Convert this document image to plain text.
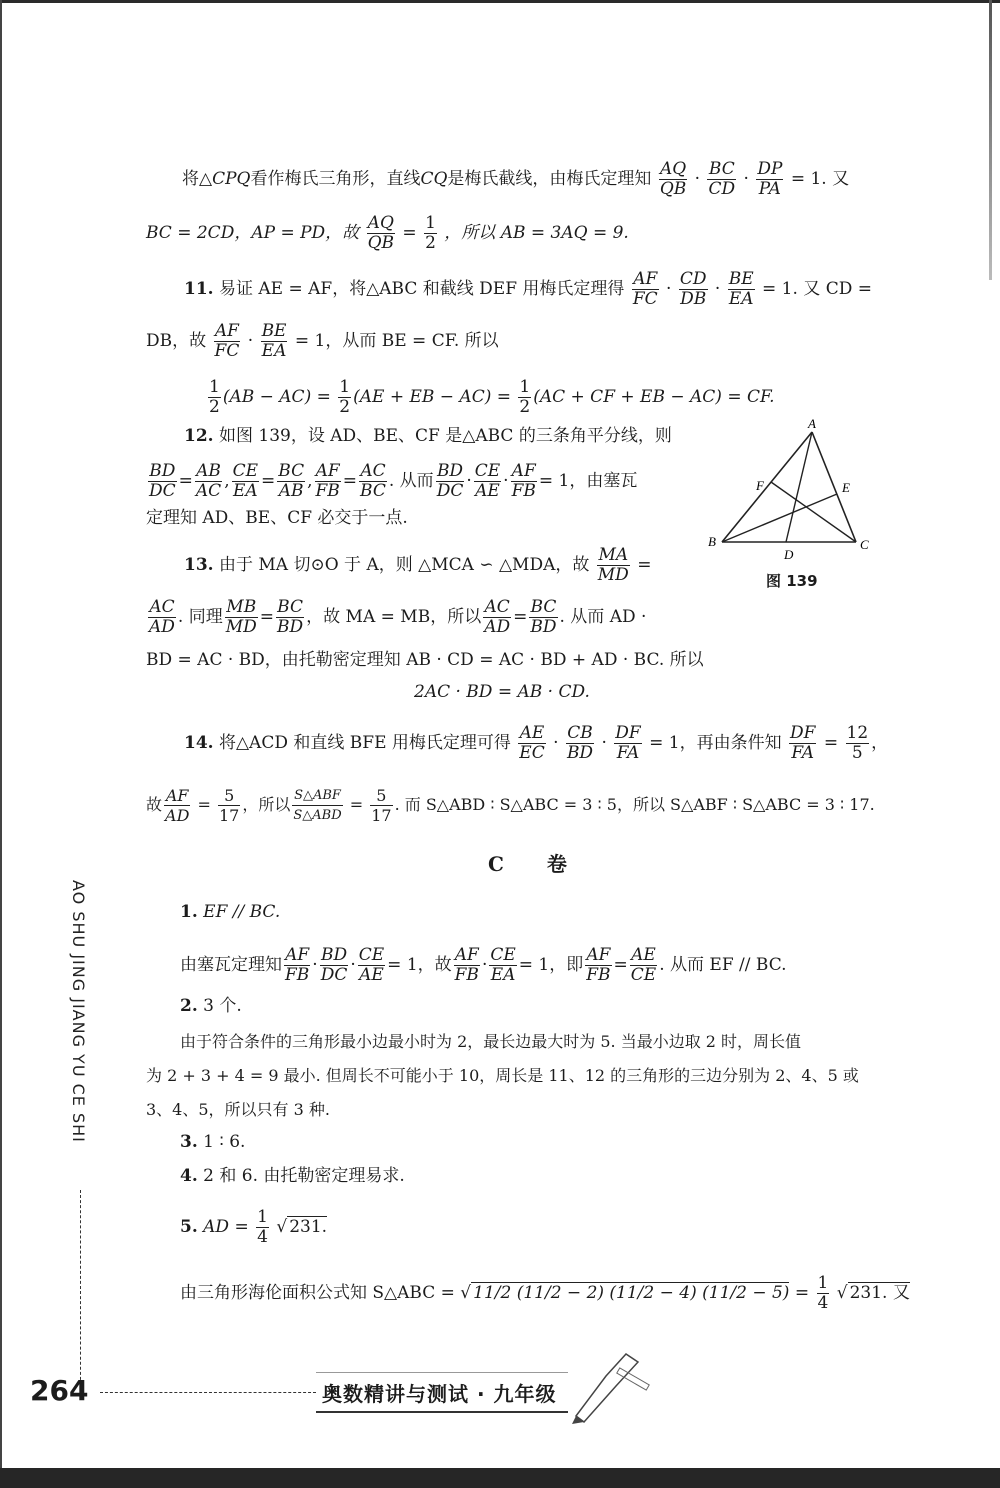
将△CPQ看作梅氏三角形，直线CQ是梅氏截线，由梅氏定理知 $\frac{AQ}{QB} \cdot \frac{BC}{CD} \cdot \frac{DP}{PA} = 1$. 又
BC = 2CD，AP = PD，故 $\frac{AQ}{QB} = \frac{1}{2}$ ，所以 AB = 3AQ = 9.
11. 易证 AE = AF，将△ABC 和截线 DEF 用梅氏定理得 $\frac{AF}{FC} \cdot \frac{CD}{DB} \cdot \frac{BE}{EA} = 1$. 又 CD =
DB，故 $\frac{AF}{FC} \cdot \frac{BE}{EA} = 1$，从而 BE = CF. 所以
$\frac{1}{2} (AB - AC) = \frac{1}{2} (AE$ + EB − $AC) = \frac{1}{2} (AC$ + CF + EB − AC) = CF.
12. 如图 139，设 AD、BE、CF 是△ABC 的三条角平分线，则
$\frac{BD}{DC} = \frac{AB}{AC}$ , $\frac{CE}{EA} = \frac{BC}{AB}$ , $\frac{AF}{FB} = \frac{AC}{BC}$ . 从而 $\frac{BD}{DC} \cdot \frac{CE}{AE} \cdot \frac{AF}{FB} = 1$，由塞瓦
定理知 AD、BE、CF 必交于一点.
A
B	C
D
E
F
图 139
13. 由于 MA 切⊙O 于 A，则 △MCA ∽ △MDA，故 $\frac{MA}{MD}$ =
$\frac{AC}{AD}$ . 同理 $\frac{MB}{MD} = \frac{BC}{BD}$ ，故 MA = MB，所以 $\frac{AC}{AD} = \frac{BC}{BD}$ . 从而 AD ·
BD = AC · BD，由托勒密定理知 AB · CD = AC · BD + AD · BC. 所以
2AC · BD = AB · CD.
14. 将△ACD 和直线 BFE 用梅氏定理可得 $\frac{AE}{EC} \cdot \frac{CB}{BD} \cdot \frac{DF}{FA} = 1$，再由条件知 $\frac{DF}{FA} = \frac{12}{5}$ ，
故 $\frac{AF}{AD} = \frac{5}{17}$ ，所以 S△ABF
S△ABD
= $\frac{5}{17}$ . 而 S△ABD ∶ S△ABC = 3 ∶ 5，所以 S△ABF ∶ S△ABC = 3 ∶ 17.
C 卷
1. EF // BC.
由塞瓦定理知 $\frac{AF}{FB} \cdot \frac{BD}{DC} \cdot \frac{CE}{AE} = 1$，故 $\frac{AF}{FB} \cdot \frac{CE}{EA} = 1$，即 $\frac{AF}{FB} = \frac{AE}{CE}$ . 从而 EF // BC.
2. 3 个.
由于符合条件的三角形最小边最小时为 2，最长边最大时为 5. 当最小边取 2 时，周长值
为 2 + 3 + 4 = 9 最小. 但周长不可能小于 10，周长是 11、12 的三角形的三边分别为 2、4、5 或
3、4、5，所以只有 3 种.
3. 1 ∶ 6.
4. 2 和 6. 由托勒密定理易求.
5. AD = $\frac{1}{4}$ √ 231.
由三角形海伦面积公式知 S△ABC = √ 11/2 (11/2 − 2) (11/2 − 4) $(11/2 - 5) = \frac{1}{4}$ √ 231. 又
AO SHU JING JIANG YU CE SHI
264	奥数精讲与测试 · 九年级
